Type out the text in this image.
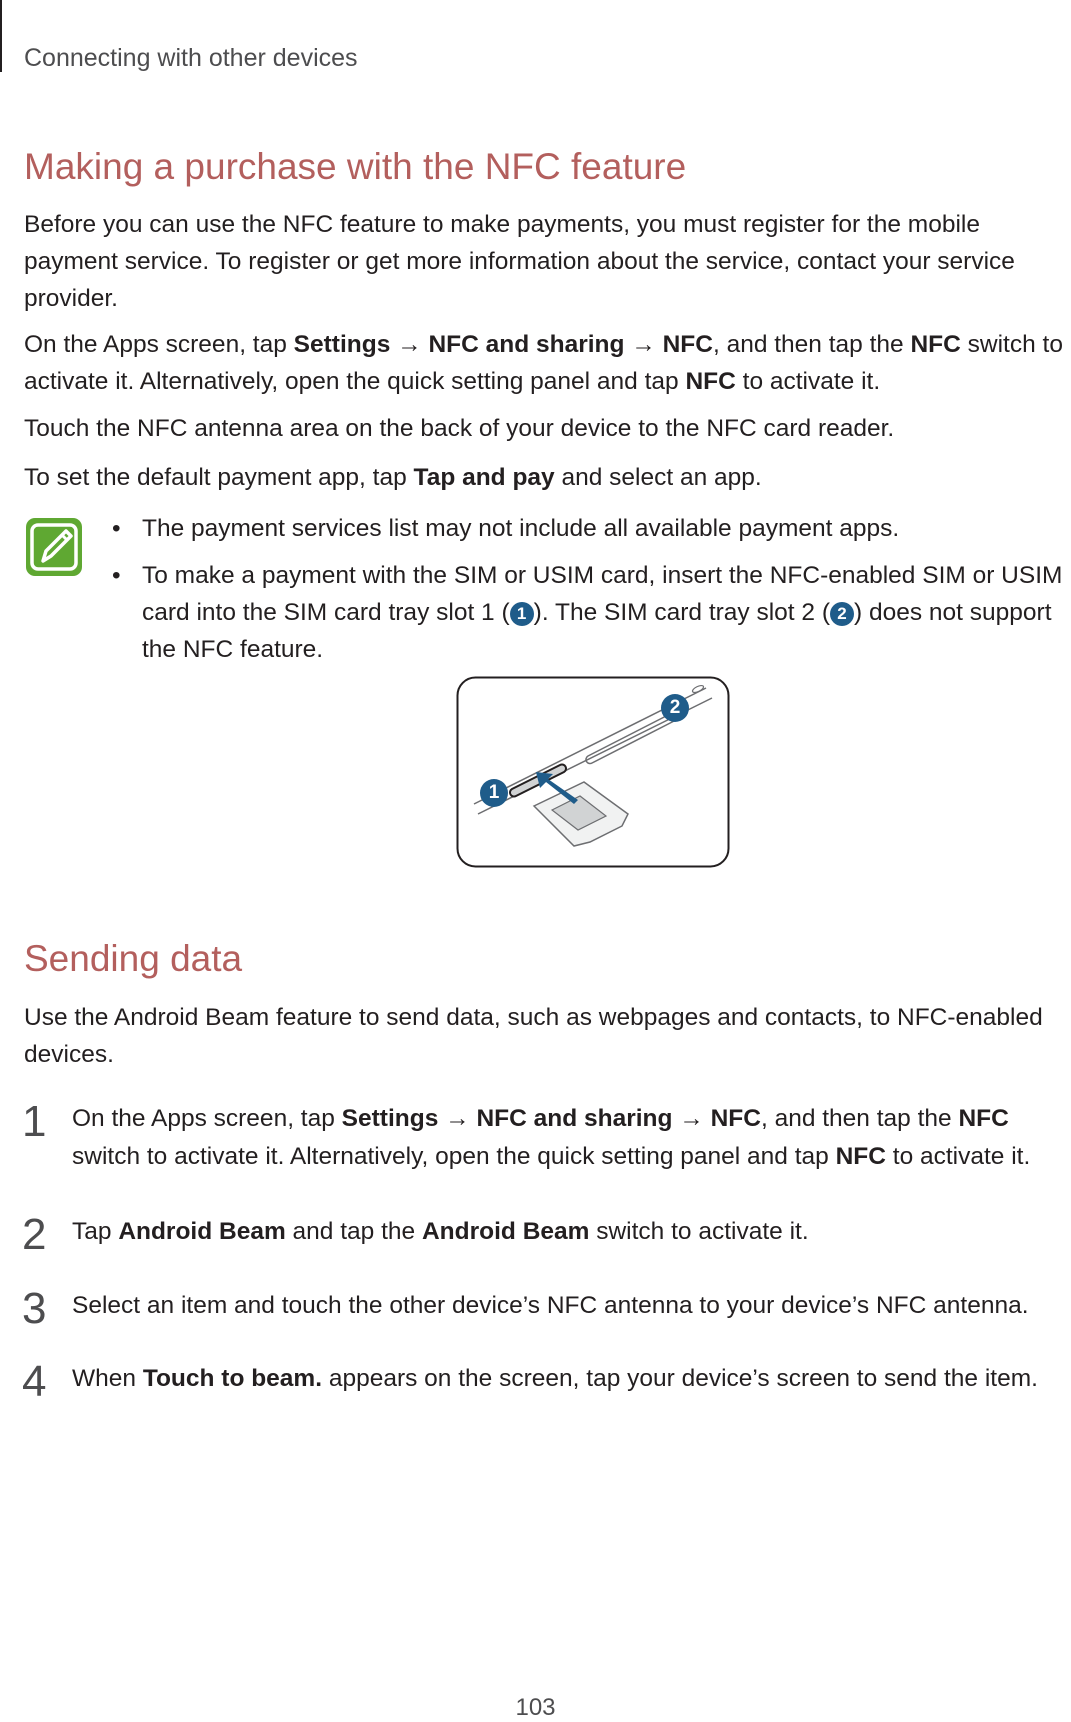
Connecting with other devices
Making a purchase with the NFC feature

Before you can use the NFC feature to make payments, you must register for the mobile payment service. To register or get more information about the service, contact your service provider.

On the Apps screen, tap Settings → NFC and sharing → NFC, and then tap the NFC switch to activate it. Alternatively, open the quick setting panel and tap NFC to activate it.

Touch the NFC antenna area on the back of your device to the NFC card reader.

To set the default payment app, tap Tap and pay and select an app.

• The payment services list may not include all available payment apps.
• To make a payment with the SIM or USIM card, insert the NFC-enabled SIM or USIM card into the SIM card tray slot 1 ( 1 ). The SIM card tray slot 2 ( 2 ) does not support the NFC feature.
1
2
Sending data

Use the Android Beam feature to send data, such as webpages and contacts, to NFC-enabled devices.

1 On the Apps screen, tap Settings → NFC and sharing → NFC, and then tap the NFC switch to activate it. Alternatively, open the quick setting panel and tap NFC to activate it.
2 Tap Android Beam and tap the Android Beam switch to activate it.
3 Select an item and touch the other device’s NFC antenna to your device’s NFC antenna.
4 When Touch to beam. appears on the screen, tap your device’s screen to send the item.
103
